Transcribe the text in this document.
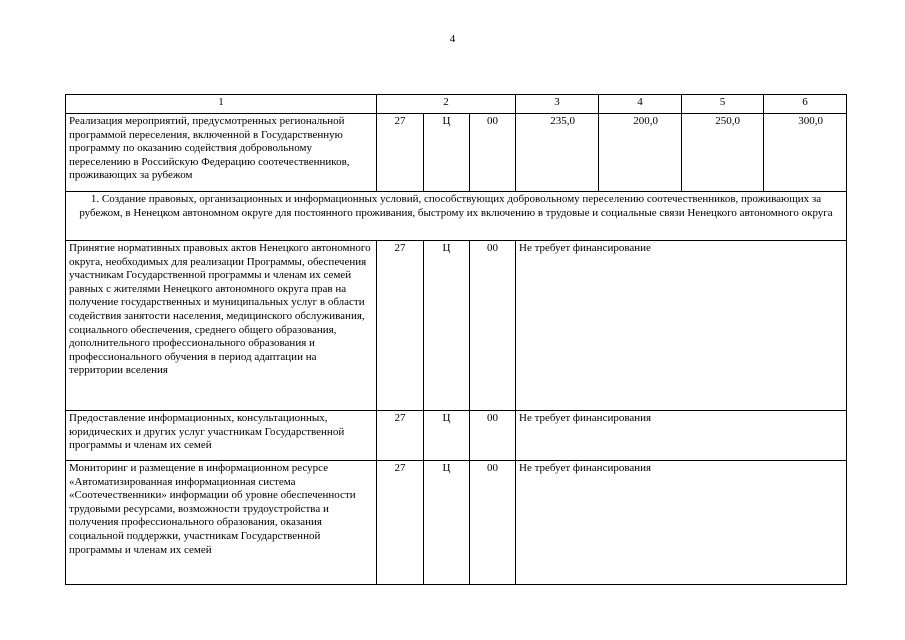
4
1	2			3	4	5	6
Реализация мероприятий, предусмотренных региональной программой переселения, включенной в Государственную программу по оказанию содействия добровольному переселению в Российскую Федерацию соотечественников, проживающих за рубежом	27	Ц	00	235,0	200,0	250,0	300,0
1. Создание правовых, организационных и информационных условий, способствующих добровольному переселению соотечественников, проживающих за рубежом, в Ненецком автономном округе для постоянного проживания, быстрому их включению в трудовые и социальные связи Ненецкого автономного округа							
Принятие нормативных правовых актов Ненецкого автономного округа, необходимых для реализации Программы, обеспечения участникам Государственной программы и членам их семей равных с жителями Ненецкого автономного округа прав на получение государственных и муниципальных услуг в области содействия занятости населения, медицинского обслуживания, социального обеспечения, среднего общего образования, дополнительного профессионального образования и профессионального обучения в период адаптации на территории вселения	27	Ц	00	Не требует финансирование			
Предоставление информационных, консультационных, юридических и других услуг участникам Государственной программы и членам их семей	27	Ц	00	Не требует финансирования			
Мониторинг и размещение в информационном ресурсе «Автоматизированная информационная система «Соотечественники» информации об уровне обеспеченности трудовыми ресурсами, возможности трудоустройства и получения профессионального образования, оказания социальной поддержки, участникам Государственной программы и членам их семей	27	Ц	00	Не требует финансирования			
